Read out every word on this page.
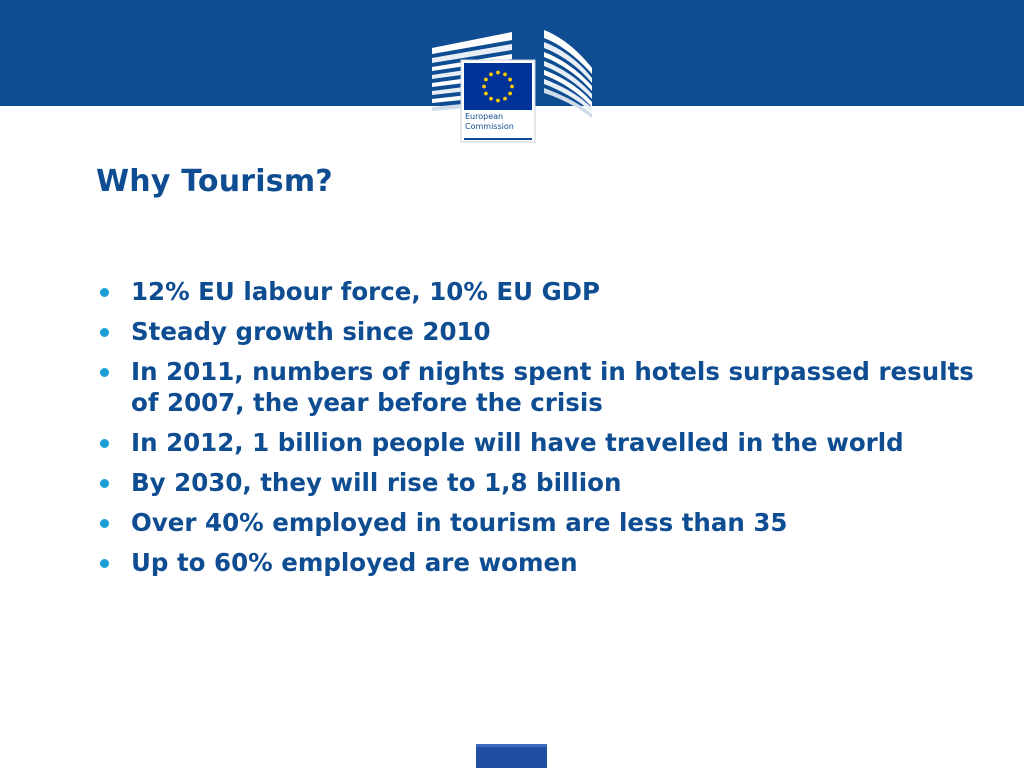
European
Commission
Why Tourism?
12% EU labour force, 10% EU GDP
Steady growth since 2010
In 2011, numbers of nights spent in hotels surpassed results of 2007, the year before the crisis
In 2012, 1 billion people will have travelled in the world
By 2030, they will rise to 1,8 billion
Over 40% employed in tourism are less than 35
Up to 60% employed are women
